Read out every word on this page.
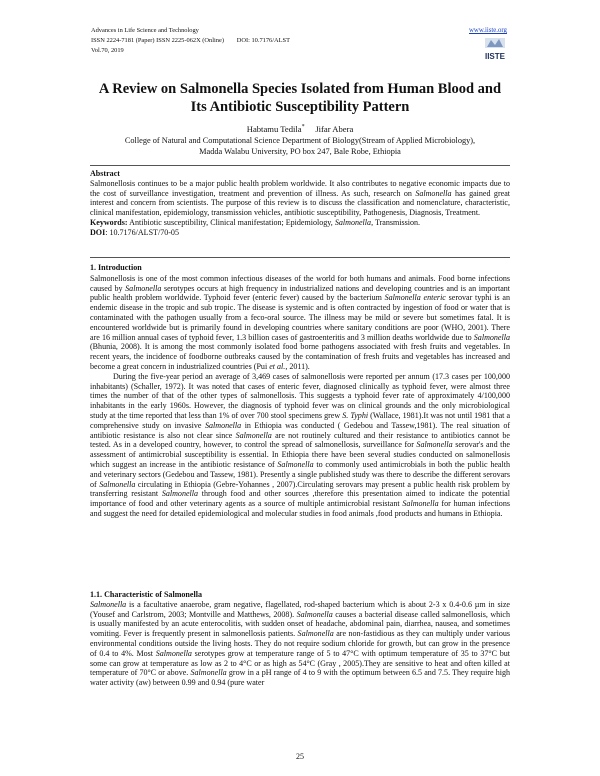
Advances in Life Science and Technology
ISSN 2224-7181 (Paper) ISSN 2225-062X (Online) DOI: 10.7176/ALST
Vol.70, 2019
www.iiste.org
IISTE
A Review on Salmonella Species Isolated from Human Blood and
Its Antibiotic Susceptibility Pattern
Habtamu Tedila* Jifar Abera
College of Natural and Computational Science Department of Biology(Stream of Applied Microbiology),
Madda Walabu University, PO box 247, Bale Robe, Ethiopia
Abstract

Salmonellosis continues to be a major public health problem worldwide. It also contributes to negative economic impacts due to the cost of surveillance investigation, treatment and prevention of illness. As such, research on Salmonella has gained great interest and concern from scientists. The purpose of this review is to discuss the classification and nomenclature, characteristic, clinical manifestation, epidemiology, transmission vehicles, antibiotic susceptibility, Pathogenesis, Diagnosis, Treatment.

Keywords: Antibiotic susceptibility, Clinical manifestation; Epidemiology, Salmonella, Transmission.

DOI: 10.7176/ALST/70-05

1. Introduction

Salmonellosis is one of the most common infectious diseases of the world for both humans and animals. Food borne infections caused by Salmonella serotypes occurs at high frequency in industrialized nations and developing countries and is an important public health problem worldwide. Typhoid fever (enteric fever) caused by the bacterium Salmonella enteric serovar typhi is an endemic disease in the tropic and sub tropic. The disease is systemic and is often contracted by ingestion of food or water that is contaminated with the pathogen usually from a feco-oral source. The illness may be mild or severe but sometimes fatal. It is encountered worldwide but is primarily found in developing countries where sanitary conditions are poor (WHO, 2001). There are 16 million annual cases of typhoid fever, 1.3 billion cases of gastroenteritis and 3 million deaths worldwide due to Salmonella (Bhunia, 2008). It is among the most commonly isolated food borne pathogens associated with fresh fruits and vegetables. In recent years, the incidence of foodborne outbreaks caused by the contamination of fresh fruits and vegetables has increased and become a great concern in industrialized countries (Pui et al., 2011).

During the five-year period an average of 3,469 cases of salmonellosis were reported per annum (17.3 cases per 100,000 inhabitants) (Schaller, 1972). It was noted that cases of enteric fever, diagnosed clinically as typhoid fever, were almost three times the number of that of the other types of salmonellosis. This suggests a typhoid fever rate of approximately 4/100,000 inhabitants in the early 1960s. However, the diagnosis of typhoid fever was on clinical grounds and the only microbiological study at the time reported that less than 1% of over 700 stool specimens grew S. Typhi (Wallace, 1981).It was not until 1981 that a comprehensive study on invasive Salmonella in Ethiopia was conducted ( Gedebou and Tassew,1981). The real situation of antibiotic resistance is also not clear since Salmonella are not routinely cultured and their resistance to antibiotics cannot be tested. As in a developed country, however, to control the spread of salmonellosis, surveillance for Salmonella serovar's and the assessment of antimicrobial susceptibility is essential. In Ethiopia there have been several studies conducted on salmonellosis which suggest an increase in the antibiotic resistance of Salmonella to commonly used antimicrobials in both the public health and veterinary sectors (Gedebou and Tassew, 1981). Presently a single published study was there to describe the different serovars of Salmonella circulating in Ethiopia (Gebre-Yohannes , 2007).Circulating serovars may present a public health risk problem by transferring resistant Salmonella through food and other sources ,therefore this presentation aimed to indicate the potential importance of food and other veterinary agents as a source of multiple antimicrobial resistant Salmonella for human infections and suggest the need for detailed epidemiological and molecular studies in food animals ,food products and humans in Ethiopia.

1.1. Characteristic of Salmonella

Salmonella is a facultative anaerobe, gram negative, flagellated, rod-shaped bacterium which is about 2-3 x 0.4-0.6 µm in size (Yousef and Carlstrom, 2003; Montville and Matthews, 2008). Salmonella causes a bacterial disease called salmonellosis, which is usually manifested by an acute enterocolitis, with sudden onset of headache, abdominal pain, diarrhea, nausea, and sometimes vomiting. Fever is frequently present in salmonellosis patients. Salmonella are non-fastidious as they can multiply under various environmental conditions outside the living hosts. They do not require sodium chloride for growth, but can grow in the presence of 0.4 to 4%. Most Salmonella serotypes grow at temperature range of 5 to 47°C with optimum temperature of 35 to 37°C but some can grow at temperature as low as 2 to 4°C or as high as 54°C (Gray , 2005).They are sensitive to heat and often killed at temperature of 70°C or above. Salmonella grow in a pH range of 4 to 9 with the optimum between 6.5 and 7.5. They require high water activity (aw) between 0.99 and 0.94 (pure water

25
